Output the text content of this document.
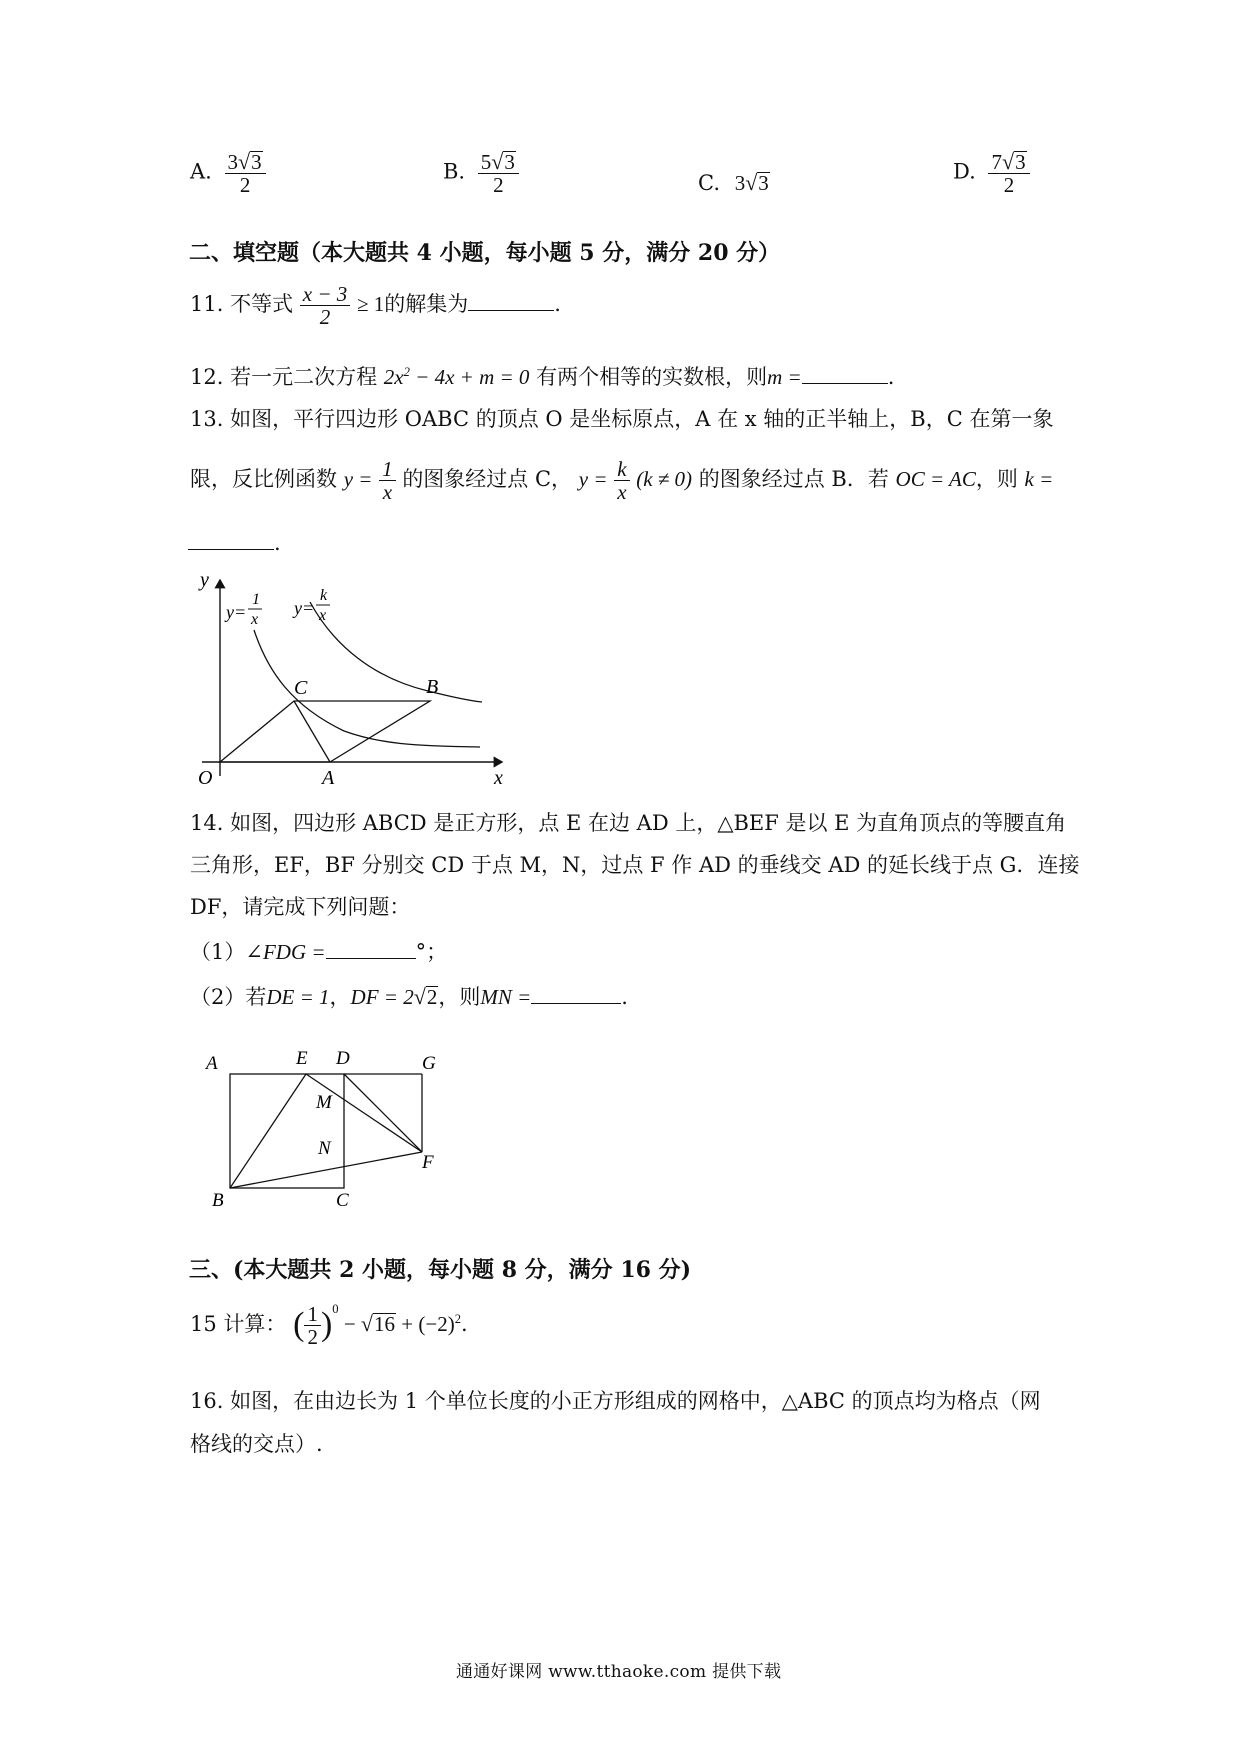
A. $\frac{3√3}{2}$	B. $\frac{5√3}{2}$	C. 3√3	D. $\frac{7√3}{2}$
二、填空题（本大题共 4 小题，每小题 5 分，满分 20 分）
11. 不等式 $\frac{x - 3}{2} \ge 1$的解集为	.
12. 若一元二次方程 $2x^2 - 4x + m = 0$ 有两个相等的实数根，则m =	.
13. 如图，平行四边形 OABC 的顶点 O 是坐标原点，A 在 x 轴的正半轴上，B，C 在第一象
限，反比例函数 $y = \frac{1}{x}$ 的图象经过点 C， $y = \frac{k}{x} (k \ne 0)$ 的图象经过点 B．若 OC = AC，则 k =
.
y
x
O
C	B
A
y=
1
x
y=
k
x
14. 如图，四边形 ABCD 是正方形，点 E 在边 AD 上，△BEF 是以 E 为直角顶点的等腰直角
三角形，EF，BF 分别交 CD 于点 M，N，过点 F 作 AD 的垂线交 AD 的延长线于点 G．连接
DF，请完成下列问题：
（1）∠FDG =	°；
（2）若DE = 1，DF = 2√2，则MN =	.
A	E D	G
M
N
F
B	C
三、(本大题共 2 小题，每小题 8 分，满分 16 分)
15 计算： ( $\frac{1}{2} )^0 - √16 + (-2)^2$.
16. 如图，在由边长为 1 个单位长度的小正方形组成的网格中，△ABC 的顶点均为格点（网
格线的交点）.
通通好课网 www.tthaoke.com 提供下载
